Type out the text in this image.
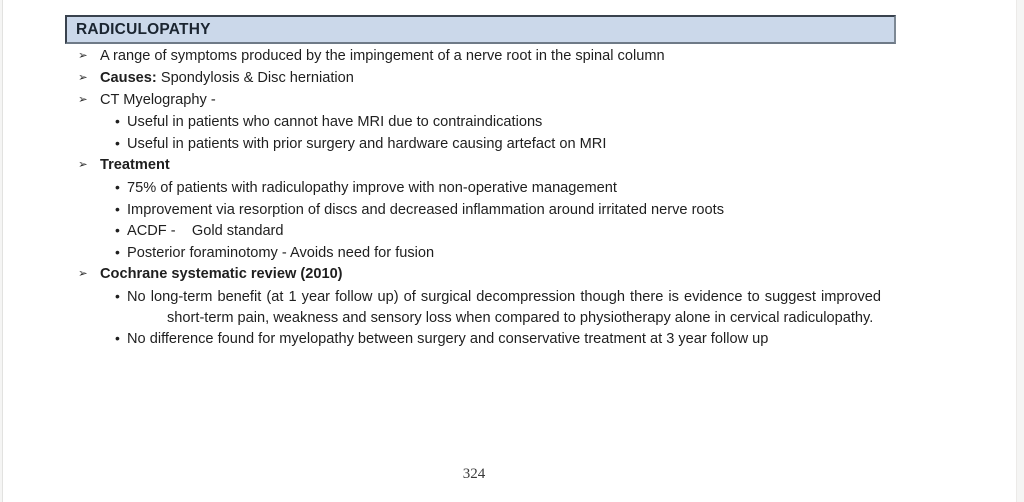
RADICULOPATHY
➢ A range of symptoms produced by the impingement of a nerve root in the spinal column
➢ Causes: Spondylosis & Disc herniation
➢ CT Myelography -
• Useful in patients who cannot have MRI due to contraindications
• Useful in patients with prior surgery and hardware causing artefact on MRI
➢ Treatment
• 75% of patients with radiculopathy improve with non-operative management
• Improvement via resorption of discs and decreased inflammation around irritated nerve roots
• ACDF -    Gold standard
• Posterior foraminotomy - Avoids need for fusion
➢ Cochrane systematic review (2010)
• No long-term benefit (at 1 year follow up) of surgical decompression though there is evidence to suggest improved short-term pain, weakness and sensory loss when compared to physiotherapy alone in cervical radiculopathy.
• No difference found for myelopathy between surgery and conservative treatment at 3 year follow up
324
